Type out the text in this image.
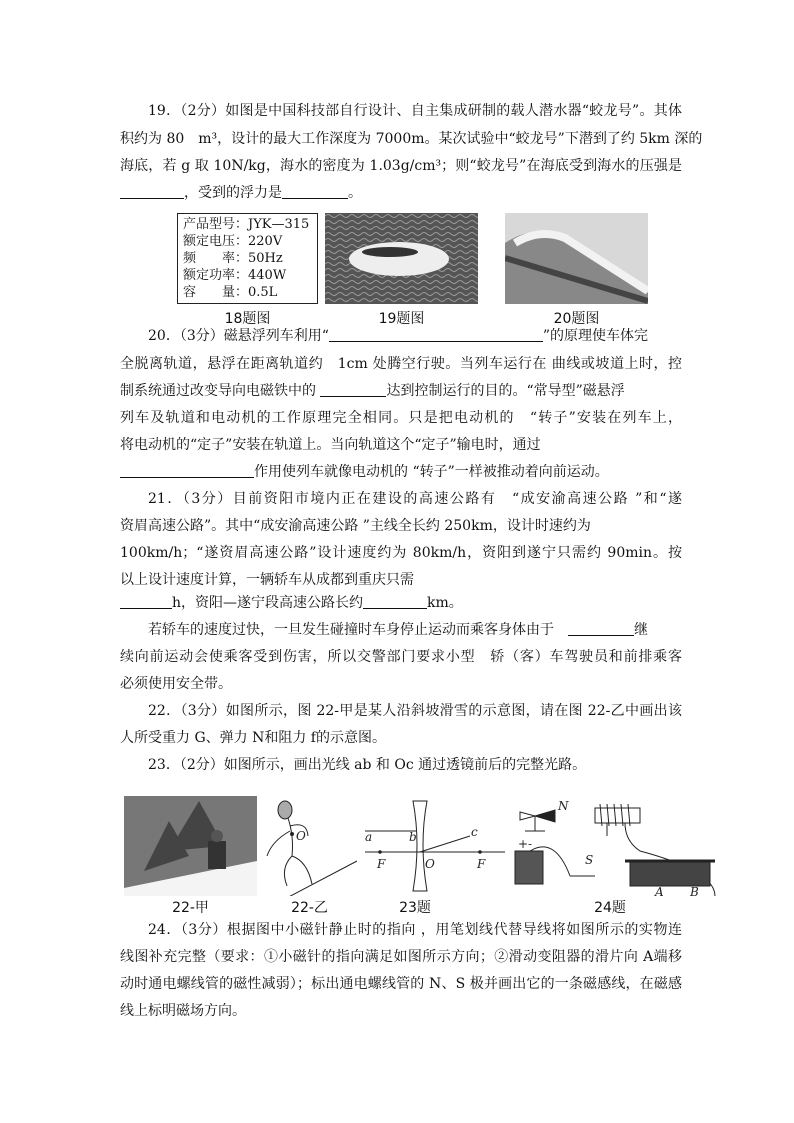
19．（2分）如图是中国科技部自行设计、自主集成研制的载人潜水器“蛟龙号”。其体
积约为 80　m³，设计的最大工作深度为 7000m。某次试验中“蛟龙号”下潜到了约 5km 深的
海底，若 g 取 10N/kg，海水的密度为 1.03g/cm³；则“蛟龙号”在海底受到海水的压强是
，受到的浮力是	。
产品型号：JYK—315
额定电压：220V
频　　率：50Hz
额定功率：440W
容　　量：0.5L
18题图	19题图	20题图
20．（3分）磁悬浮列车利用“	”的原理使车体完
全脱离轨道，悬浮在距离轨道约　1cm 处腾空行驶。当列车运行在 曲线或坡道上时，控
制系统通过改变导向电磁铁中的	达到控制运行的目的。“常导型”磁悬浮
列车及轨道和电动机的工作原理完全相同。只是把电动机的　“转子”安装在列车上，
将电动机的“定子”安装在轨道上。当向轨道这个“定子”输电时，通过
作用使列车就像电动机的 “转子”一样被推动着向前运动。
21．（3分）目前资阳市境内正在建设的高速公路有　“成安渝高速公路 ”和“遂
资眉高速公路”。其中“成安渝高速公路 ”主线全长约 250km，设计时速约为
100km/h；“遂资眉高速公路”设计速度约为 80km/h，资阳到遂宁只需约 90min。按
以上设计速度计算，一辆轿车从成都到重庆只需
h，资阳—遂宁段高速公路长约	km。
若轿车的速度过快，一旦发生碰撞时车身停止运动而乘客身体由于　	继
续向前运动会使乘客受到伤害，所以交警部门要求小型　轿（客）车驾驶员和前排乘客
必须使用安全带。
22．（3分）如图所示，图 22-甲是某人沿斜坡滑雪的示意图，请在图 22-乙中画出该
人所受重力 G、弹力 N和阻力 f的示意图。
23．（2分）如图所示，画出光线 ab 和 Oc 通过透镜前后的完整光路。
22-甲
O
22-乙
a	b	c
F	O	F
23题
N
S
A B
+ -
24题
24．（3分）根据图中小磁针静止时的指向 ，用笔划线代替导线将如图所示的实物连
线图补充完整（要求：①小磁针的指向满足如图所示方向；②滑动变阻器的滑片向 A端移
动时通电螺线管的磁性减弱）；标出通电螺线管的 N、S 极并画出它的一条磁感线，在磁感
线上标明磁场方向。
